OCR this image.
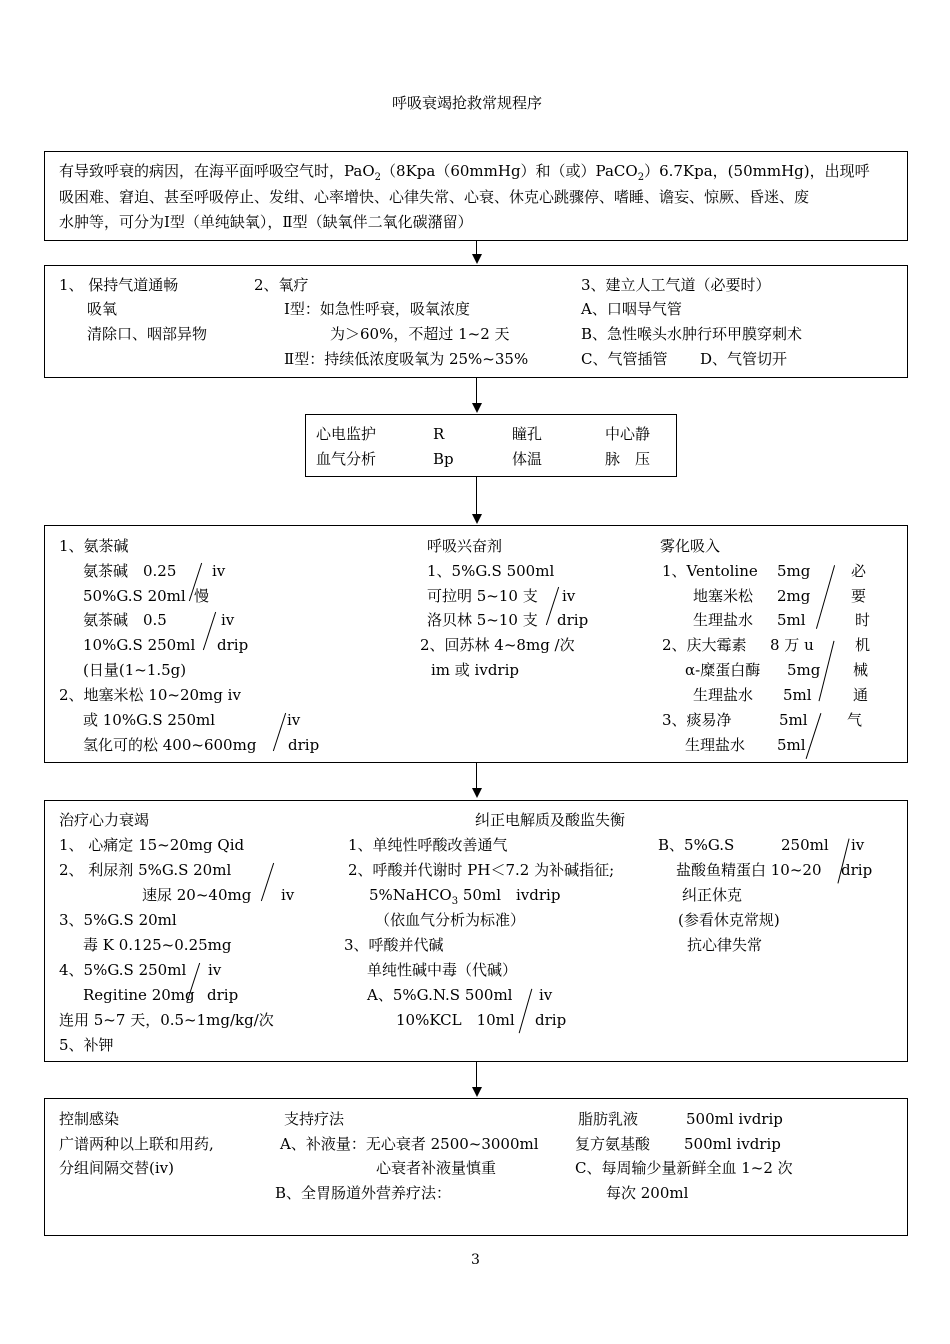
呼吸衰竭抢救常规程序
有导致呼衰的病因，在海平面呼吸空气时，PaO$_2$（8Kpa（60mmHg）和（或）PaCO$_2$）6.7Kpa，(50mmHg)，出现呼
吸困难、窘迫、甚至呼吸停止、发绀、心率增快、心律失常、心衰、休克心跳骤停、嗜睡、谵妄、惊厥、昏迷、废
水肿等，可分为Ⅰ型（单纯缺氧），Ⅱ型（缺氧伴二氧化碳潴留）
1、 保持气道通畅
吸氧
清除口、咽部异物
2、氧疗
Ⅰ型：如急性呼衰，吸氧浓度
为＞60%，不超过 1~2 天
Ⅱ型：持续低浓度吸氧为 25%~35%
3、建立人工气道（必要时）
A、口咽导气管
B、急性喉头水肿行环甲膜穿刺术
C、气管插管 D、气管切开
心电监护	R	瞳孔	中心静
血气分析	Bp	体温	脉　压
1、氨茶碱
氨茶碱　0.25 iv
50%G.S 20ml 慢
氨茶碱　0.5	iv
10%G.S 250ml drip
(日量(1~1.5g)
2、地塞米松 10~20mg iv
或 10%G.S 250ml	iv
氢化可的松 400~600mg drip
呼吸兴奋剂
1、5%G.S 500ml
可拉明 5~10 支 iv
洛贝林 5~10 支 drip
2、回苏林 4~8mg /次
im 或 ivdrip
雾化吸入
1、Ventoline 5mg
地塞米松 2mg
生理盐水 5ml
2、庆大霉素 8 万 u
α-糜蛋白酶 5mg
生理盐水 5ml
3、痰易净	5ml
生理盐水 5ml
必
要
时
机
械
通
气
治疗心力衰竭	纠正电解质及酸监失衡
1、 心痛定 15~20mg Qid
2、 利尿剂 5%G.S 20ml
速尿 20~40mg iv
3、5%G.S 20ml
毒 K 0.125~0.25mg
4、5%G.S 250ml iv
Regitine 20mg drip
连用 5~7 天，0.5~1mg/kg/次
5、补钾
1、单纯性呼酸改善通气
2、呼酸并代谢时 PH＜7.2 为补碱指征;
5%NaHCO$_3$ 50ml　ivdrip
（依血气分析为标准）
3、呼酸并代碱
单纯性碱中毒（代碱）
A、5%G.N.S 500ml iv
10%KCL　10ml drip
B、5%G.S	250ml iv
盐酸鱼精蛋白 10~20 drip
纠正休克
(参看休克常规)
抗心律失常
控制感染
广谱两种以上联和用药,
分组间隔交替(iv)
支持疗法
A、补液量：无心衰者 2500~3000ml
心衰者补液量慎重
B、全胃肠道外营养疗法：
脂肪乳液	500ml ivdrip
复方氨基酸 500ml ivdrip
C、每周输少量新鲜全血 1~2 次
每次 200ml
3
